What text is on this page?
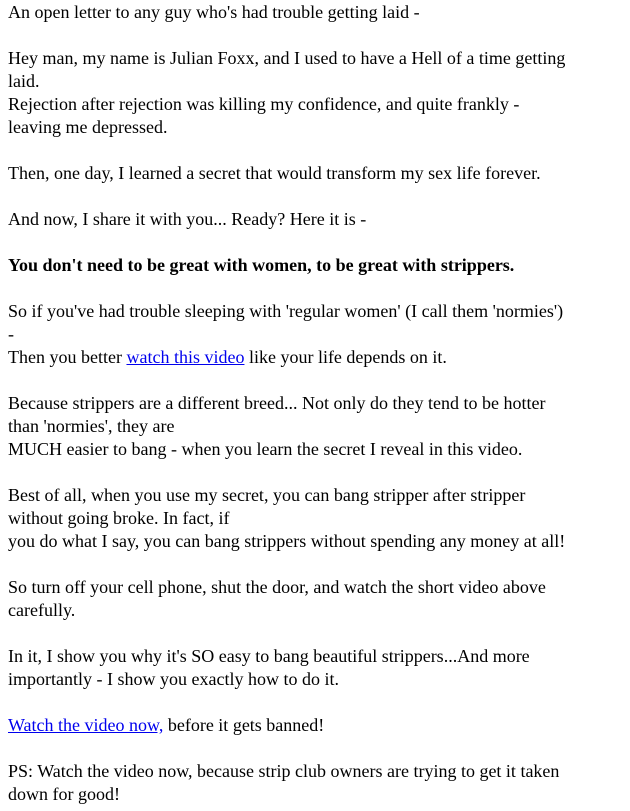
An open letter to any guy who's had trouble getting laid -

Hey man, my name is Julian Foxx, and I used to have a Hell of a time getting
laid.
Rejection after rejection was killing my confidence, and quite frankly -
leaving me depressed.

Then, one day, I learned a secret that would transform my sex life forever.

And now, I share it with you... Ready? Here it is -

You don't need to be great with women, to be great with strippers.

So if you've had trouble sleeping with 'regular women' (I call them 'normies')
-
Then you better watch this video like your life depends on it.

Because strippers are a different breed... Not only do they tend to be hotter
than 'normies', they are
MUCH easier to bang - when you learn the secret I reveal in this video.

Best of all, when you use my secret, you can bang stripper after stripper
without going broke. In fact, if
you do what I say, you can bang strippers without spending any money at all!

So turn off your cell phone, shut the door, and watch the short video above
carefully.

In it, I show you why it's SO easy to bang beautiful strippers...And more
importantly - I show you exactly how to do it.

Watch the video now, before it gets banned!

PS: Watch the video now, because strip club owners are trying to get it taken
down for good!
